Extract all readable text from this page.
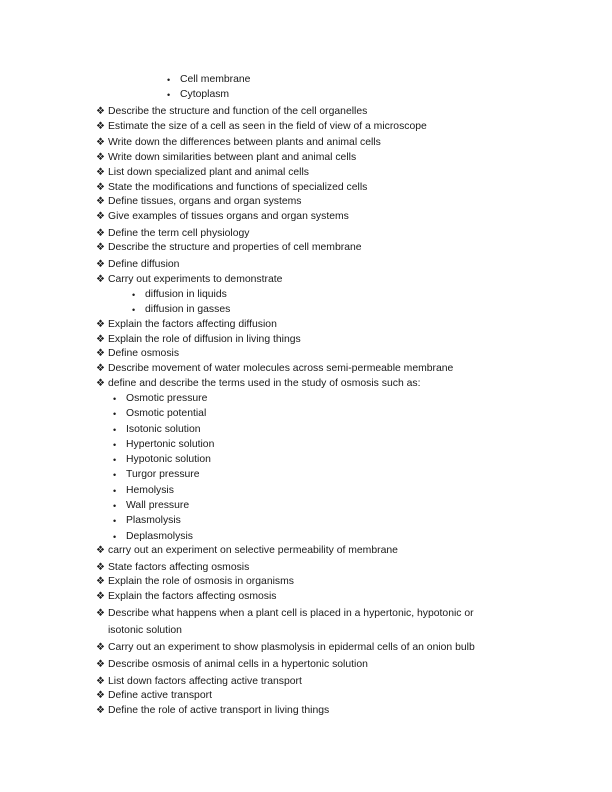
• Cell membrane
• Cytoplasm
❖ Describe the structure and function of the cell organelles
❖ Estimate the size of a cell as seen in the field of view of a microscope
❖ Write down the differences between plants and animal cells
❖ Write down similarities between plant and animal cells
❖ List down specialized plant and animal cells
❖ State the modifications and functions of specialized cells
❖ Define tissues, organs and organ systems
❖ Give examples of tissues organs and organ systems
❖ Define the term cell physiology
❖ Describe the structure and properties of cell membrane
❖ Define diffusion
❖ Carry out experiments to demonstrate
• diffusion in liquids
• diffusion in gasses
❖ Explain the factors affecting diffusion
❖ Explain the role of diffusion in living things
❖ Define osmosis
❖ Describe movement of water molecules across semi-permeable membrane
❖ define and describe the terms used in the study of osmosis such as:
• Osmotic pressure
• Osmotic potential
• Isotonic solution
• Hypertonic solution
• Hypotonic solution
• Turgor pressure
• Hemolysis
• Wall pressure
• Plasmolysis
• Deplasmolysis
❖ carry out an experiment on selective permeability of membrane
❖ State factors affecting osmosis
❖ Explain the role of osmosis in organisms
❖ Explain the factors affecting osmosis
❖ Describe what happens when a plant cell is placed in a hypertonic, hypotonic or
isotonic solution
❖ Carry out an experiment to show plasmolysis in epidermal cells of an onion bulb
❖ Describe osmosis of animal cells in a hypertonic solution
❖ List down factors affecting active transport
❖ Define active transport
❖ Define the role of active transport in living things
